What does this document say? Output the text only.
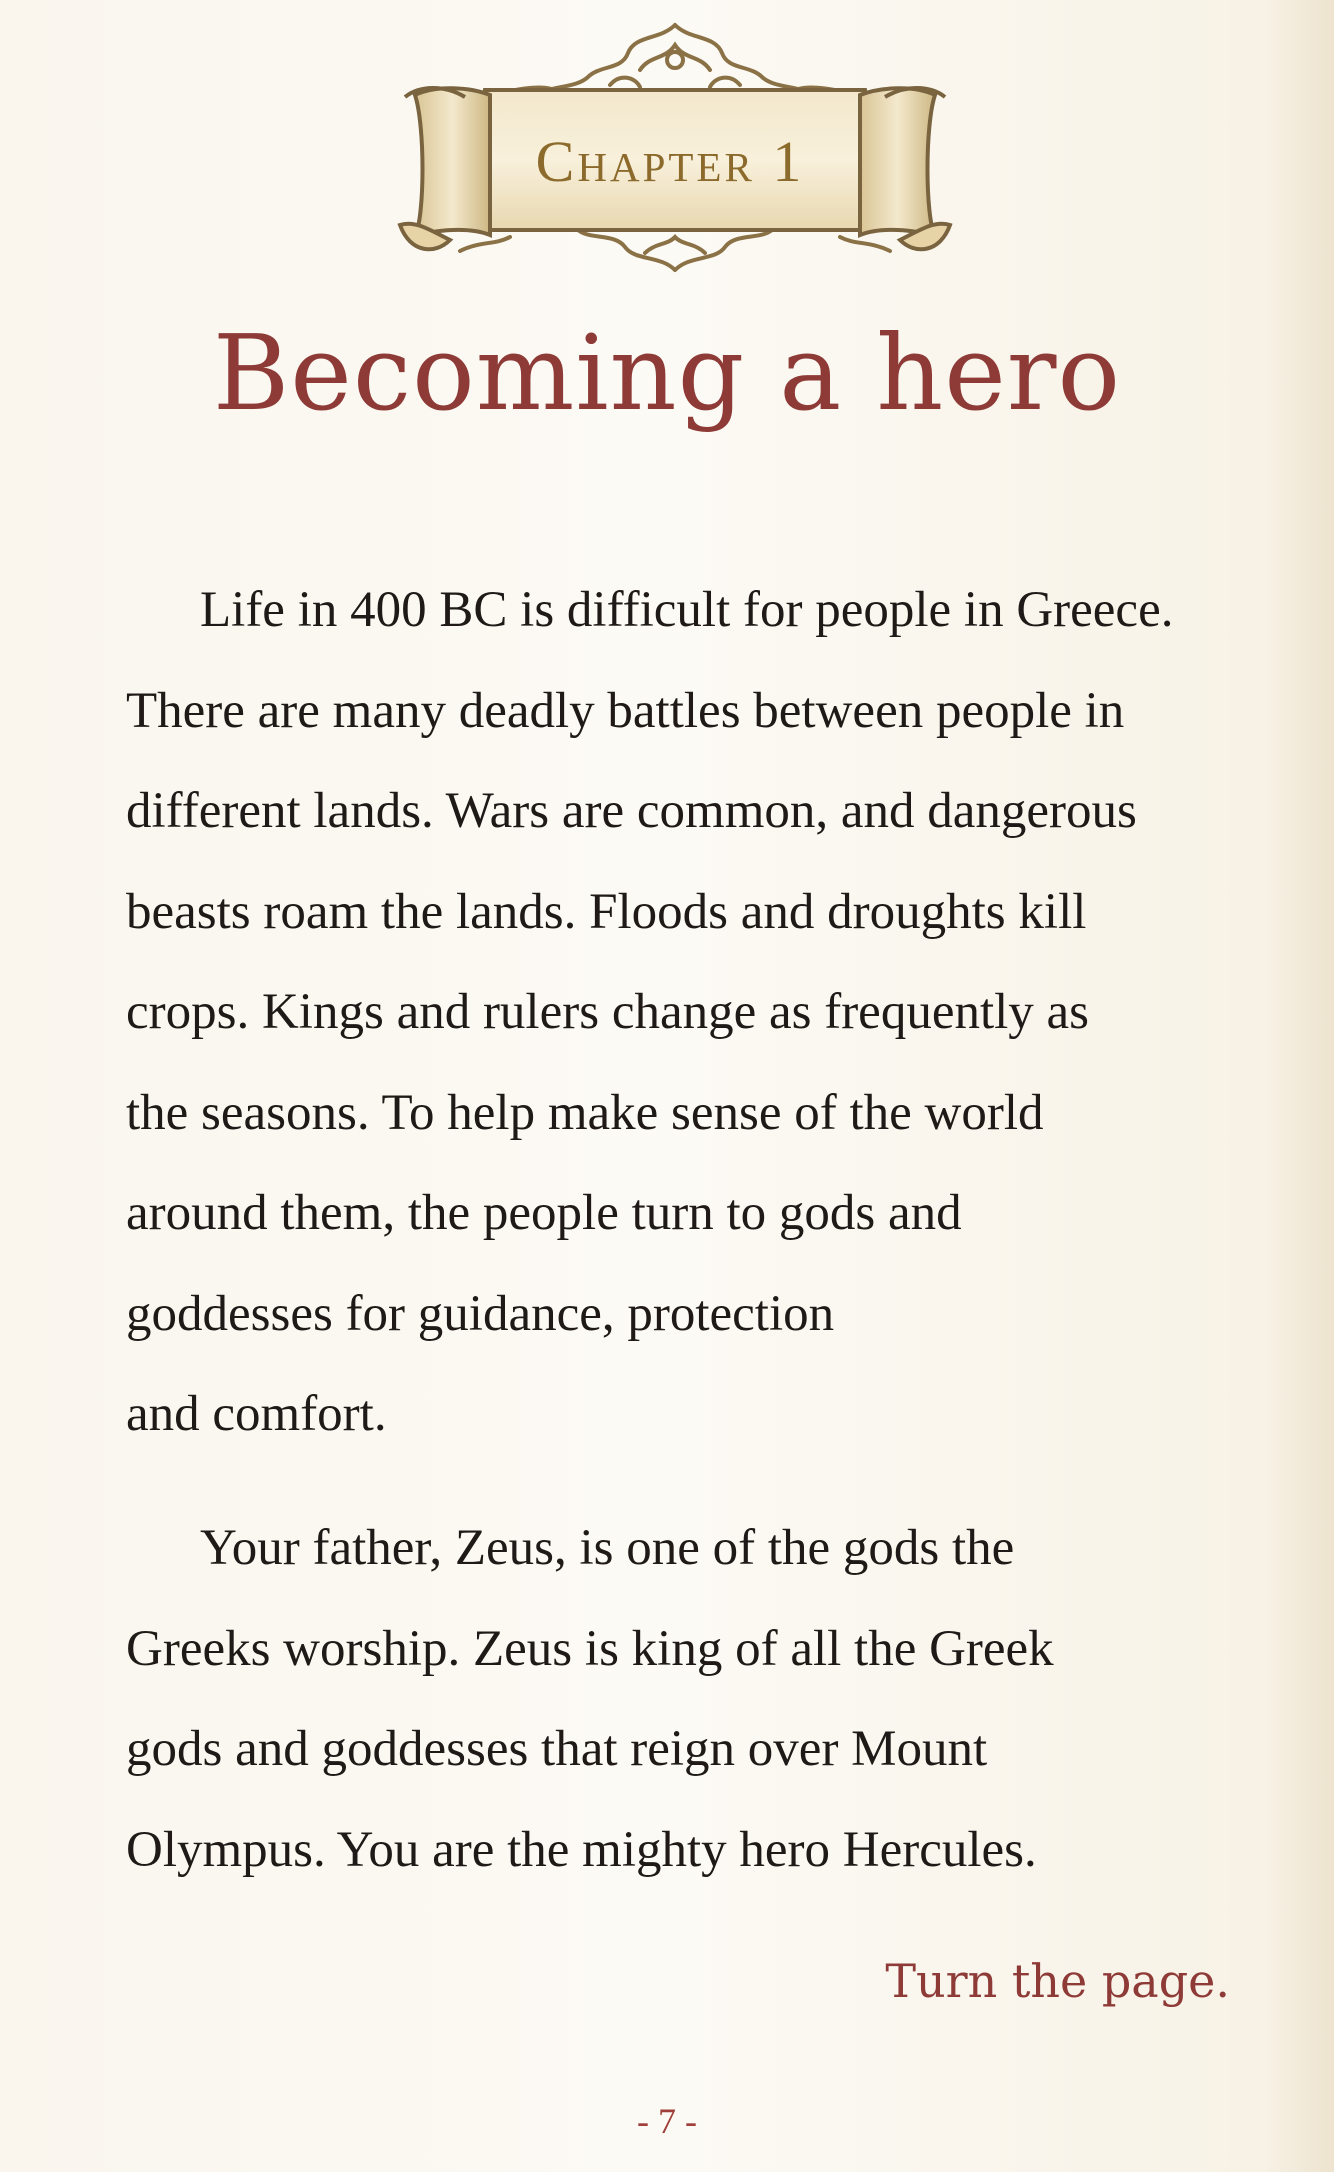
Chapter 1
Becoming a hero

Life in 400 BC is difficult for people in Greece.
There are many deadly battles between people in
different lands. Wars are common, and dangerous
beasts roam the lands. Floods and droughts kill
crops. Kings and rulers change as frequently as
the seasons. To help make sense of the world
around them, the people turn to gods and
goddesses for guidance, protection
and comfort.

Your father, Zeus, is one of the gods the
Greeks worship. Zeus is king of all the Greek
gods and goddesses that reign over Mount
Olympus. You are the mighty hero Hercules.

Turn the page.
- 7 -
